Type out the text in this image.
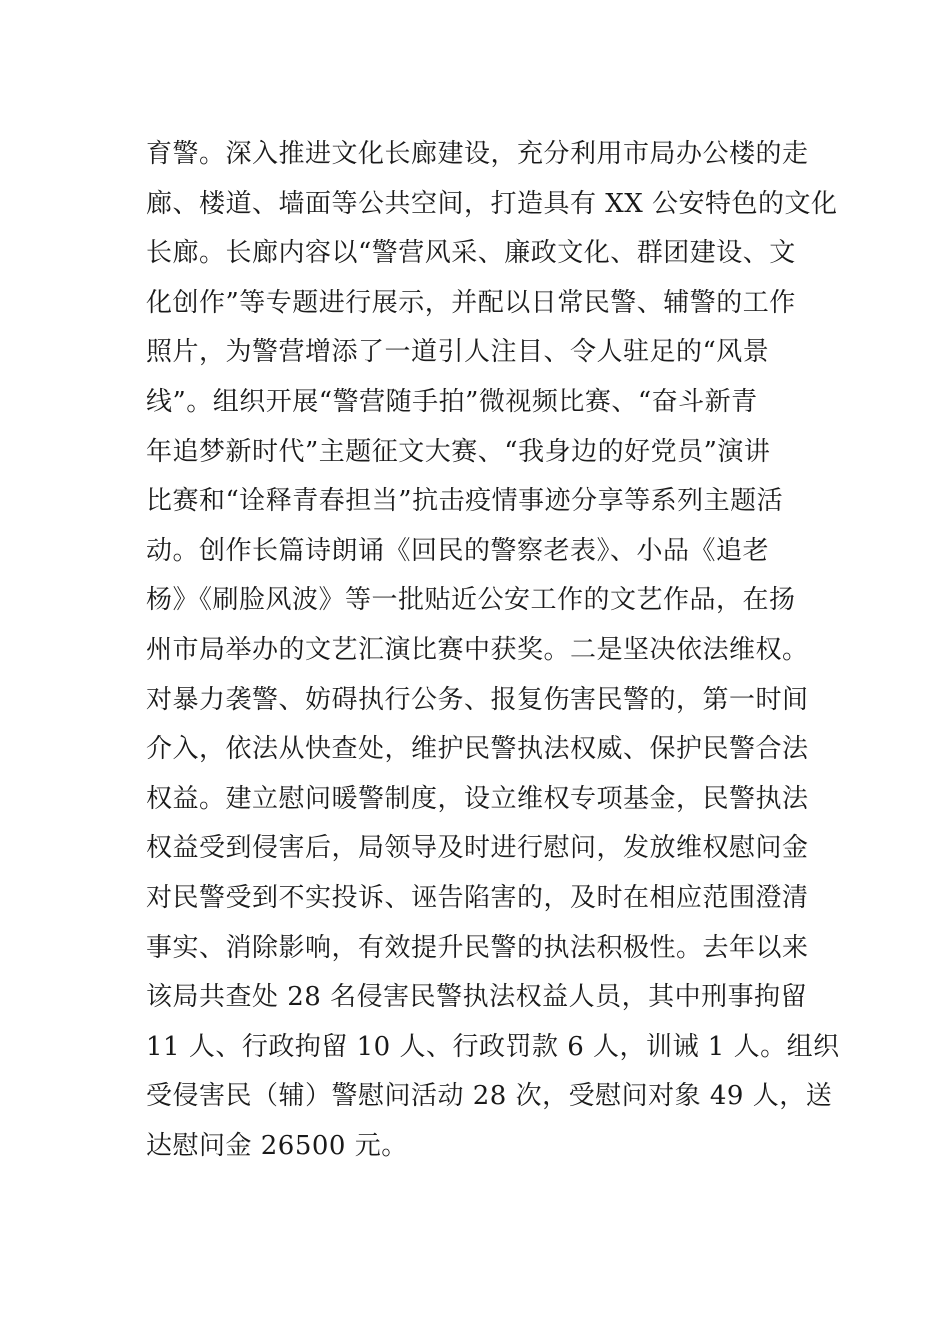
育警。深入推进文化长廊建设，充分利用市局办公楼的走
廊、楼道、墙面等公共空间，打造具有 XX 公安特色的文化
长廊。长廊内容以“警营风采、廉政文化、群团建设、文
化创作”等专题进行展示，并配以日常民警、辅警的工作
照片，为警营增添了一道引人注目、令人驻足的“风景
线”。组织开展“警营随手拍”微视频比赛、“奋斗新青
年追梦新时代”主题征文大赛、“我身边的好党员”演讲
比赛和“诠释青春担当”抗击疫情事迹分享等系列主题活
动。创作长篇诗朗诵《回民的警察老表》、小品《追老
杨》《刷脸风波》等一批贴近公安工作的文艺作品，在扬
州市局举办的文艺汇演比赛中获奖。二是坚决依法维权。
对暴力袭警、妨碍执行公务、报复伤害民警的，第一时间
介入，依法从快查处，维护民警执法权威、保护民警合法
权益。建立慰问暖警制度，设立维权专项基金，民警执法
权益受到侵害后，局领导及时进行慰问，发放维权慰问金
对民警受到不实投诉、诬告陷害的，及时在相应范围澄清
事实、消除影响，有效提升民警的执法积极性。去年以来
该局共查处 28 名侵害民警执法权益人员，其中刑事拘留
11 人、行政拘留 10 人、行政罚款 6 人，训诫 1 人。组织
受侵害民（辅）警慰问活动 28 次，受慰问对象 49 人，送
达慰问金 26500 元。
